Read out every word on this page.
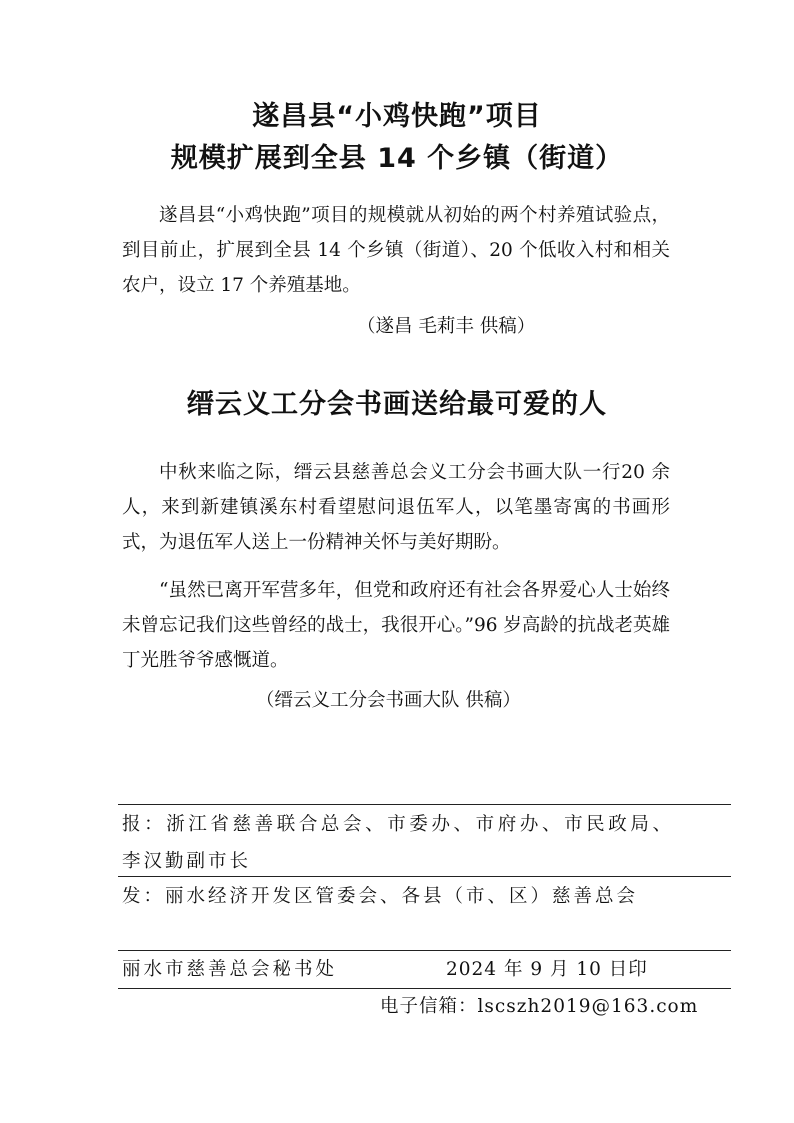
遂昌县“小鸡快跑”项目
规模扩展到全县 14 个乡镇（街道）

遂昌县“小鸡快跑”项目的规模就从初始的两个村养殖试验点，到目前止，扩展到全县 14 个乡镇（街道）、20 个低收入村和相关农户，设立 17 个养殖基地。

（遂昌 毛莉丰 供稿）
缙云义工分会书画送给最可爱的人

中秋来临之际，缙云县慈善总会义工分会书画大队一行20 余人，来到新建镇溪东村看望慰问退伍军人，以笔墨寄寓的书画形式，为退伍军人送上一份精神关怀与美好期盼。

“虽然已离开军营多年，但党和政府还有社会各界爱心人士始终未曾忘记我们这些曾经的战士，我很开心。”96 岁高龄的抗战老英雄丁光胜爷爷感慨道。

（缙云义工分会书画大队 供稿）
报：浙江省慈善联合总会、市委办、市府办、市民政局、李汉勤副市长
发：丽水经济开发区管委会、各县（市、区）慈善总会
丽水市慈善总会秘书处	2024 年 9 月 10 日印
电子信箱：lscszh2019@163.com
